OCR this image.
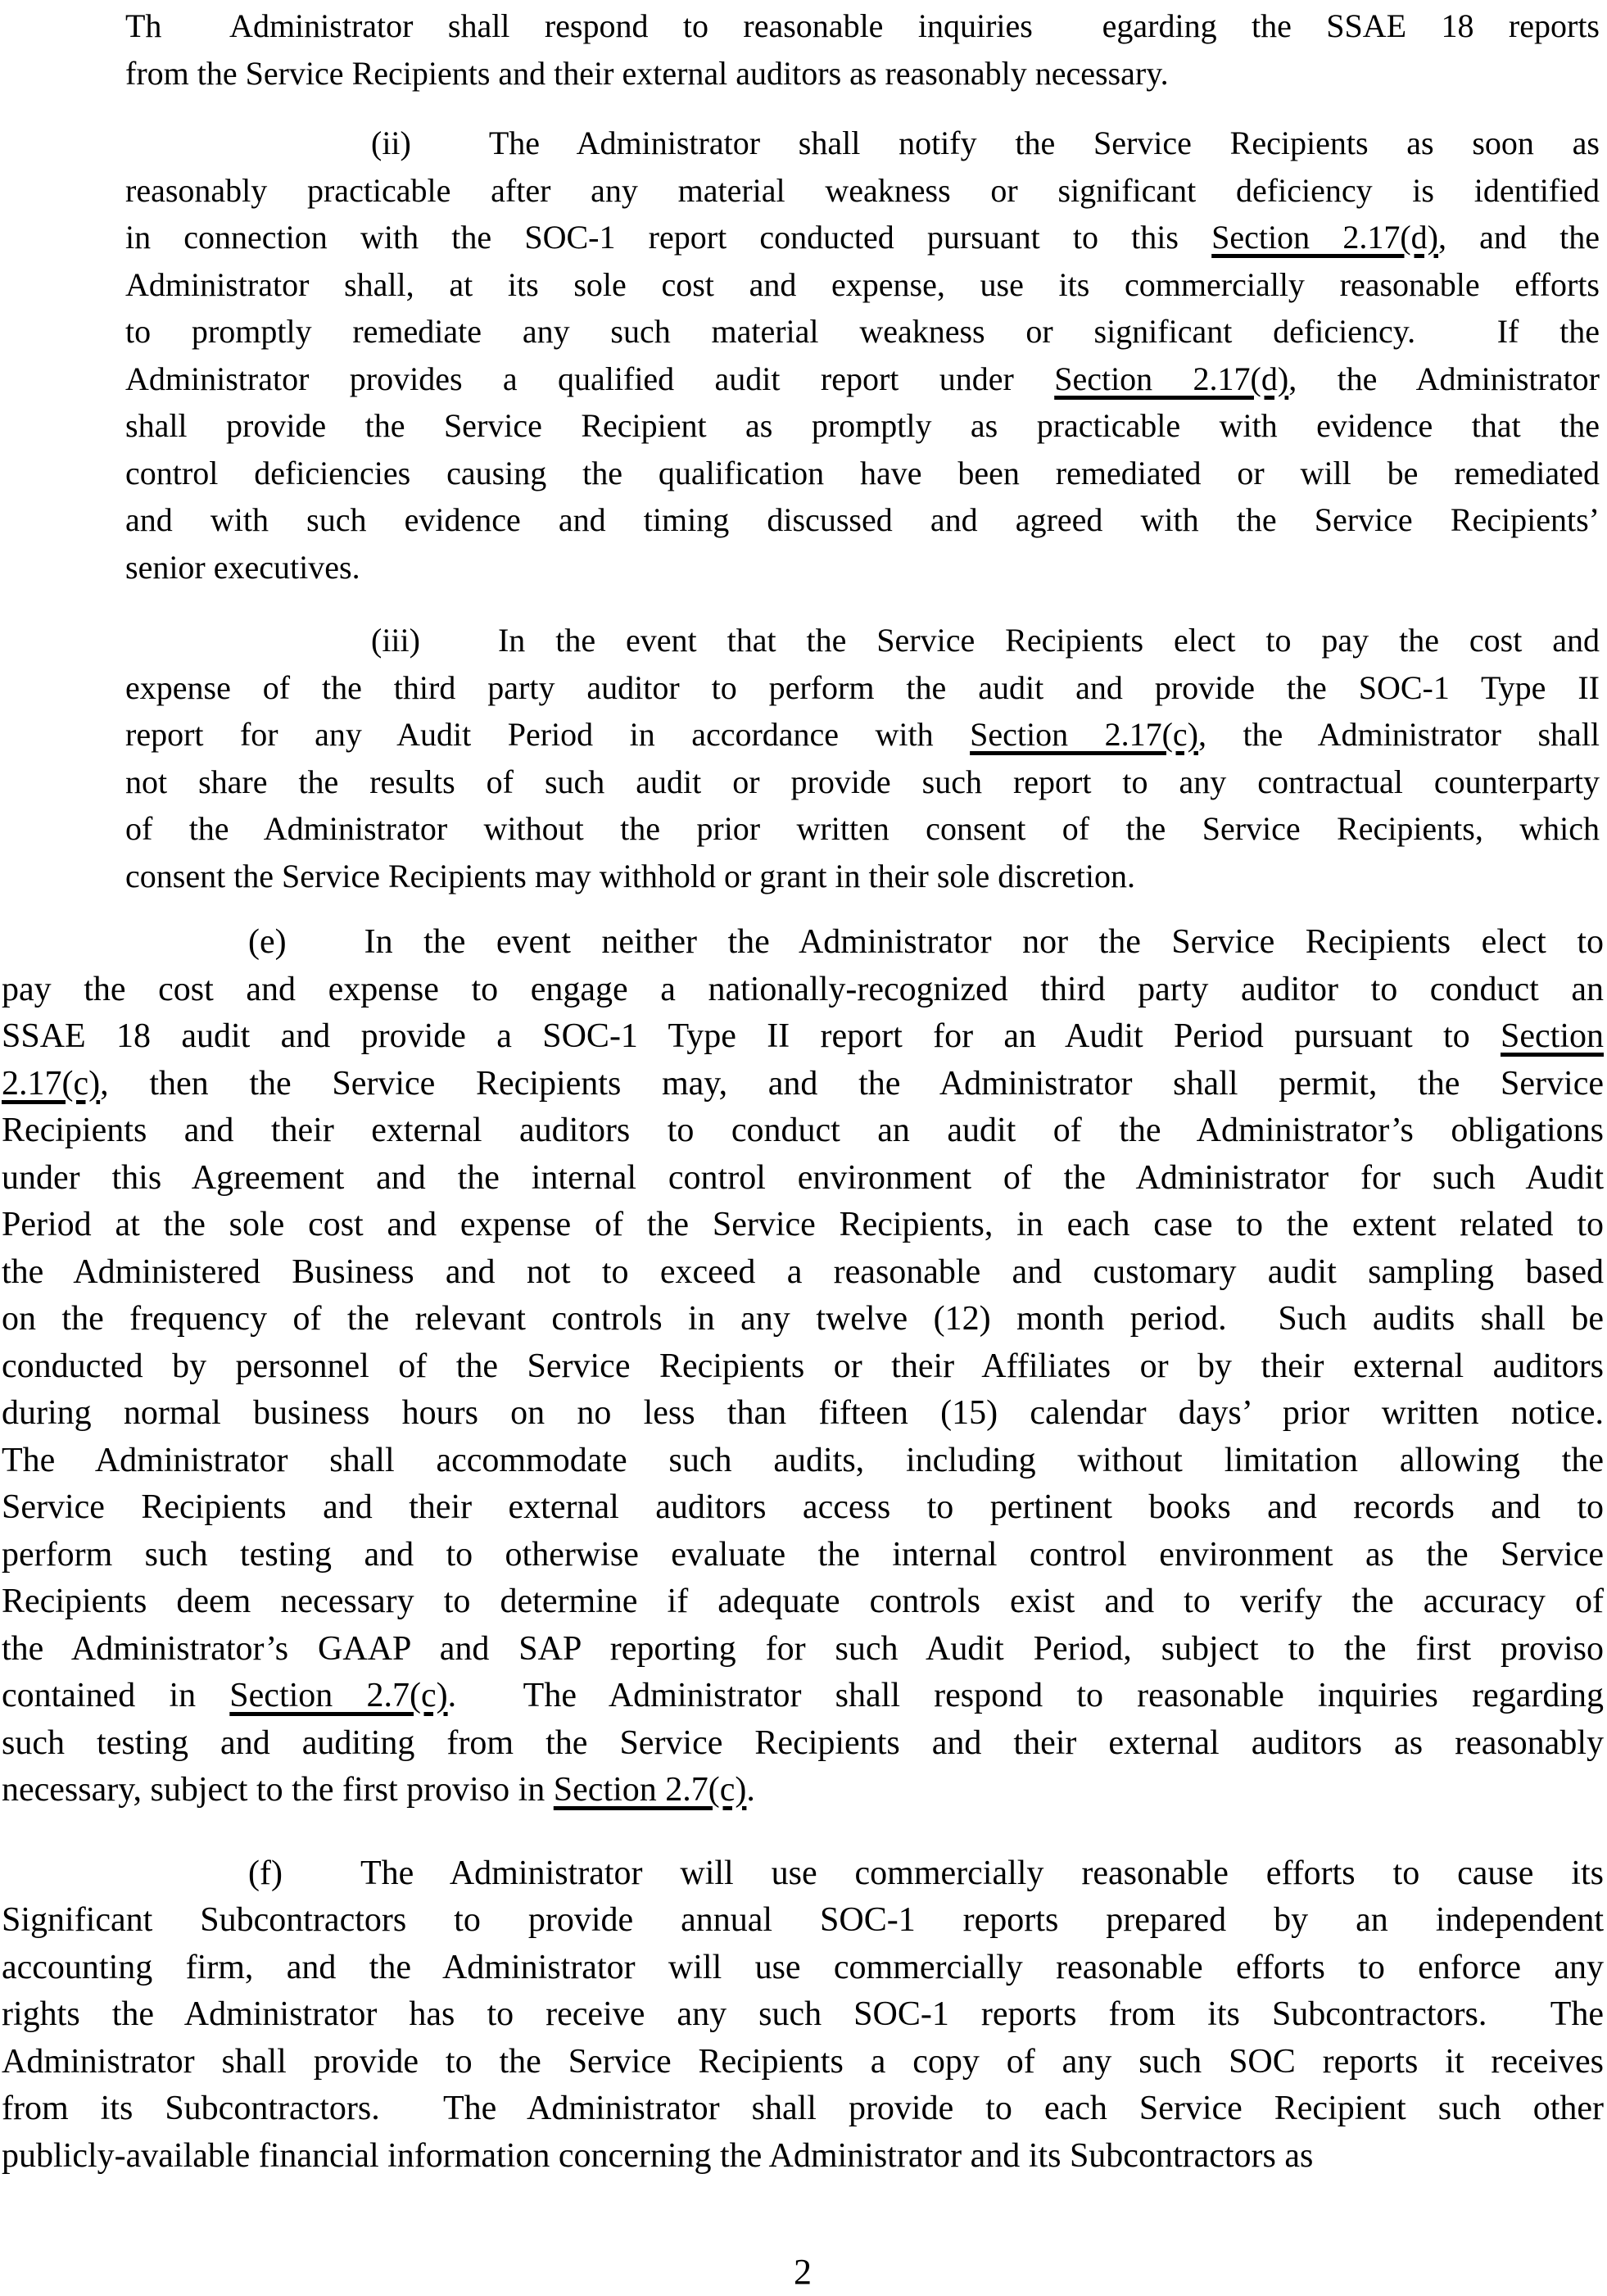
Th  Administrator shall respond to reasonable inquiries  egarding the SSAE 18 reports
from the Service Recipients and their external auditors as reasonably necessary.
(ii) The Administrator shall notify the Service Recipients as soon as
reasonably practicable after any material weakness or significant deficiency is identified
in connection with the SOC-1 report conducted pursuant to this Section 2.17(d), and the
Administrator shall, at its sole cost and expense, use its commercially reasonable efforts
to promptly remediate any such material weakness or significant deficiency.  If the
Administrator provides a qualified audit report under Section 2.17(d), the Administrator
shall provide the Service Recipient as promptly as practicable with evidence that the
control deficiencies causing the qualification have been remediated or will be remediated
and with such evidence and timing discussed and agreed with the Service Recipients’
senior executives.
(iii) In the event that the Service Recipients elect to pay the cost and
expense of the third party auditor to perform the audit and provide the SOC-1 Type II
report for any Audit Period in accordance with Section 2.17(c), the Administrator shall
not share the results of such audit or provide such report to any contractual counterparty
of the Administrator without the prior written consent of the Service Recipients, which
consent the Service Recipients may withhold or grant in their sole discretion.
(e) In the event neither the Administrator nor the Service Recipients elect to
pay the cost and expense to engage a nationally-recognized third party auditor to conduct an
SSAE 18 audit and provide a SOC-1 Type II report for an Audit Period pursuant to Section
2.17(c), then the Service Recipients may, and the Administrator shall permit, the Service
Recipients and their external auditors to conduct an audit of the Administrator’s obligations
under this Agreement and the internal control environment of the Administrator for such Audit
Period at the sole cost and expense of the Service Recipients, in each case to the extent related to
the Administered Business and not to exceed a reasonable and customary audit sampling based
on the frequency of the relevant controls in any twelve (12) month period.  Such audits shall be
conducted by personnel of the Service Recipients or their Affiliates or by their external auditors
during normal business hours on no less than fifteen (15) calendar days’ prior written notice.
The Administrator shall accommodate such audits, including without limitation allowing the
Service Recipients and their external auditors access to pertinent books and records and to
perform such testing and to otherwise evaluate the internal control environment as the Service
Recipients deem necessary to determine if adequate controls exist and to verify the accuracy of
the Administrator’s GAAP and SAP reporting for such Audit Period, subject to the first proviso
contained in Section 2.7(c).  The Administrator shall respond to reasonable inquiries regarding
such testing and auditing from the Service Recipients and their external auditors as reasonably
necessary, subject to the first proviso in Section 2.7(c).
(f) The Administrator will use commercially reasonable efforts to cause its
Significant Subcontractors to provide annual SOC-1 reports prepared by an independent
accounting firm, and the Administrator will use commercially reasonable efforts to enforce any
rights the Administrator has to receive any such SOC-1 reports from its Subcontractors.  The
Administrator shall provide to the Service Recipients a copy of any such SOC reports it receives
from its Subcontractors.  The Administrator shall provide to each Service Recipient such other
publicly-available financial information concerning the Administrator and its Subcontractors as
2
